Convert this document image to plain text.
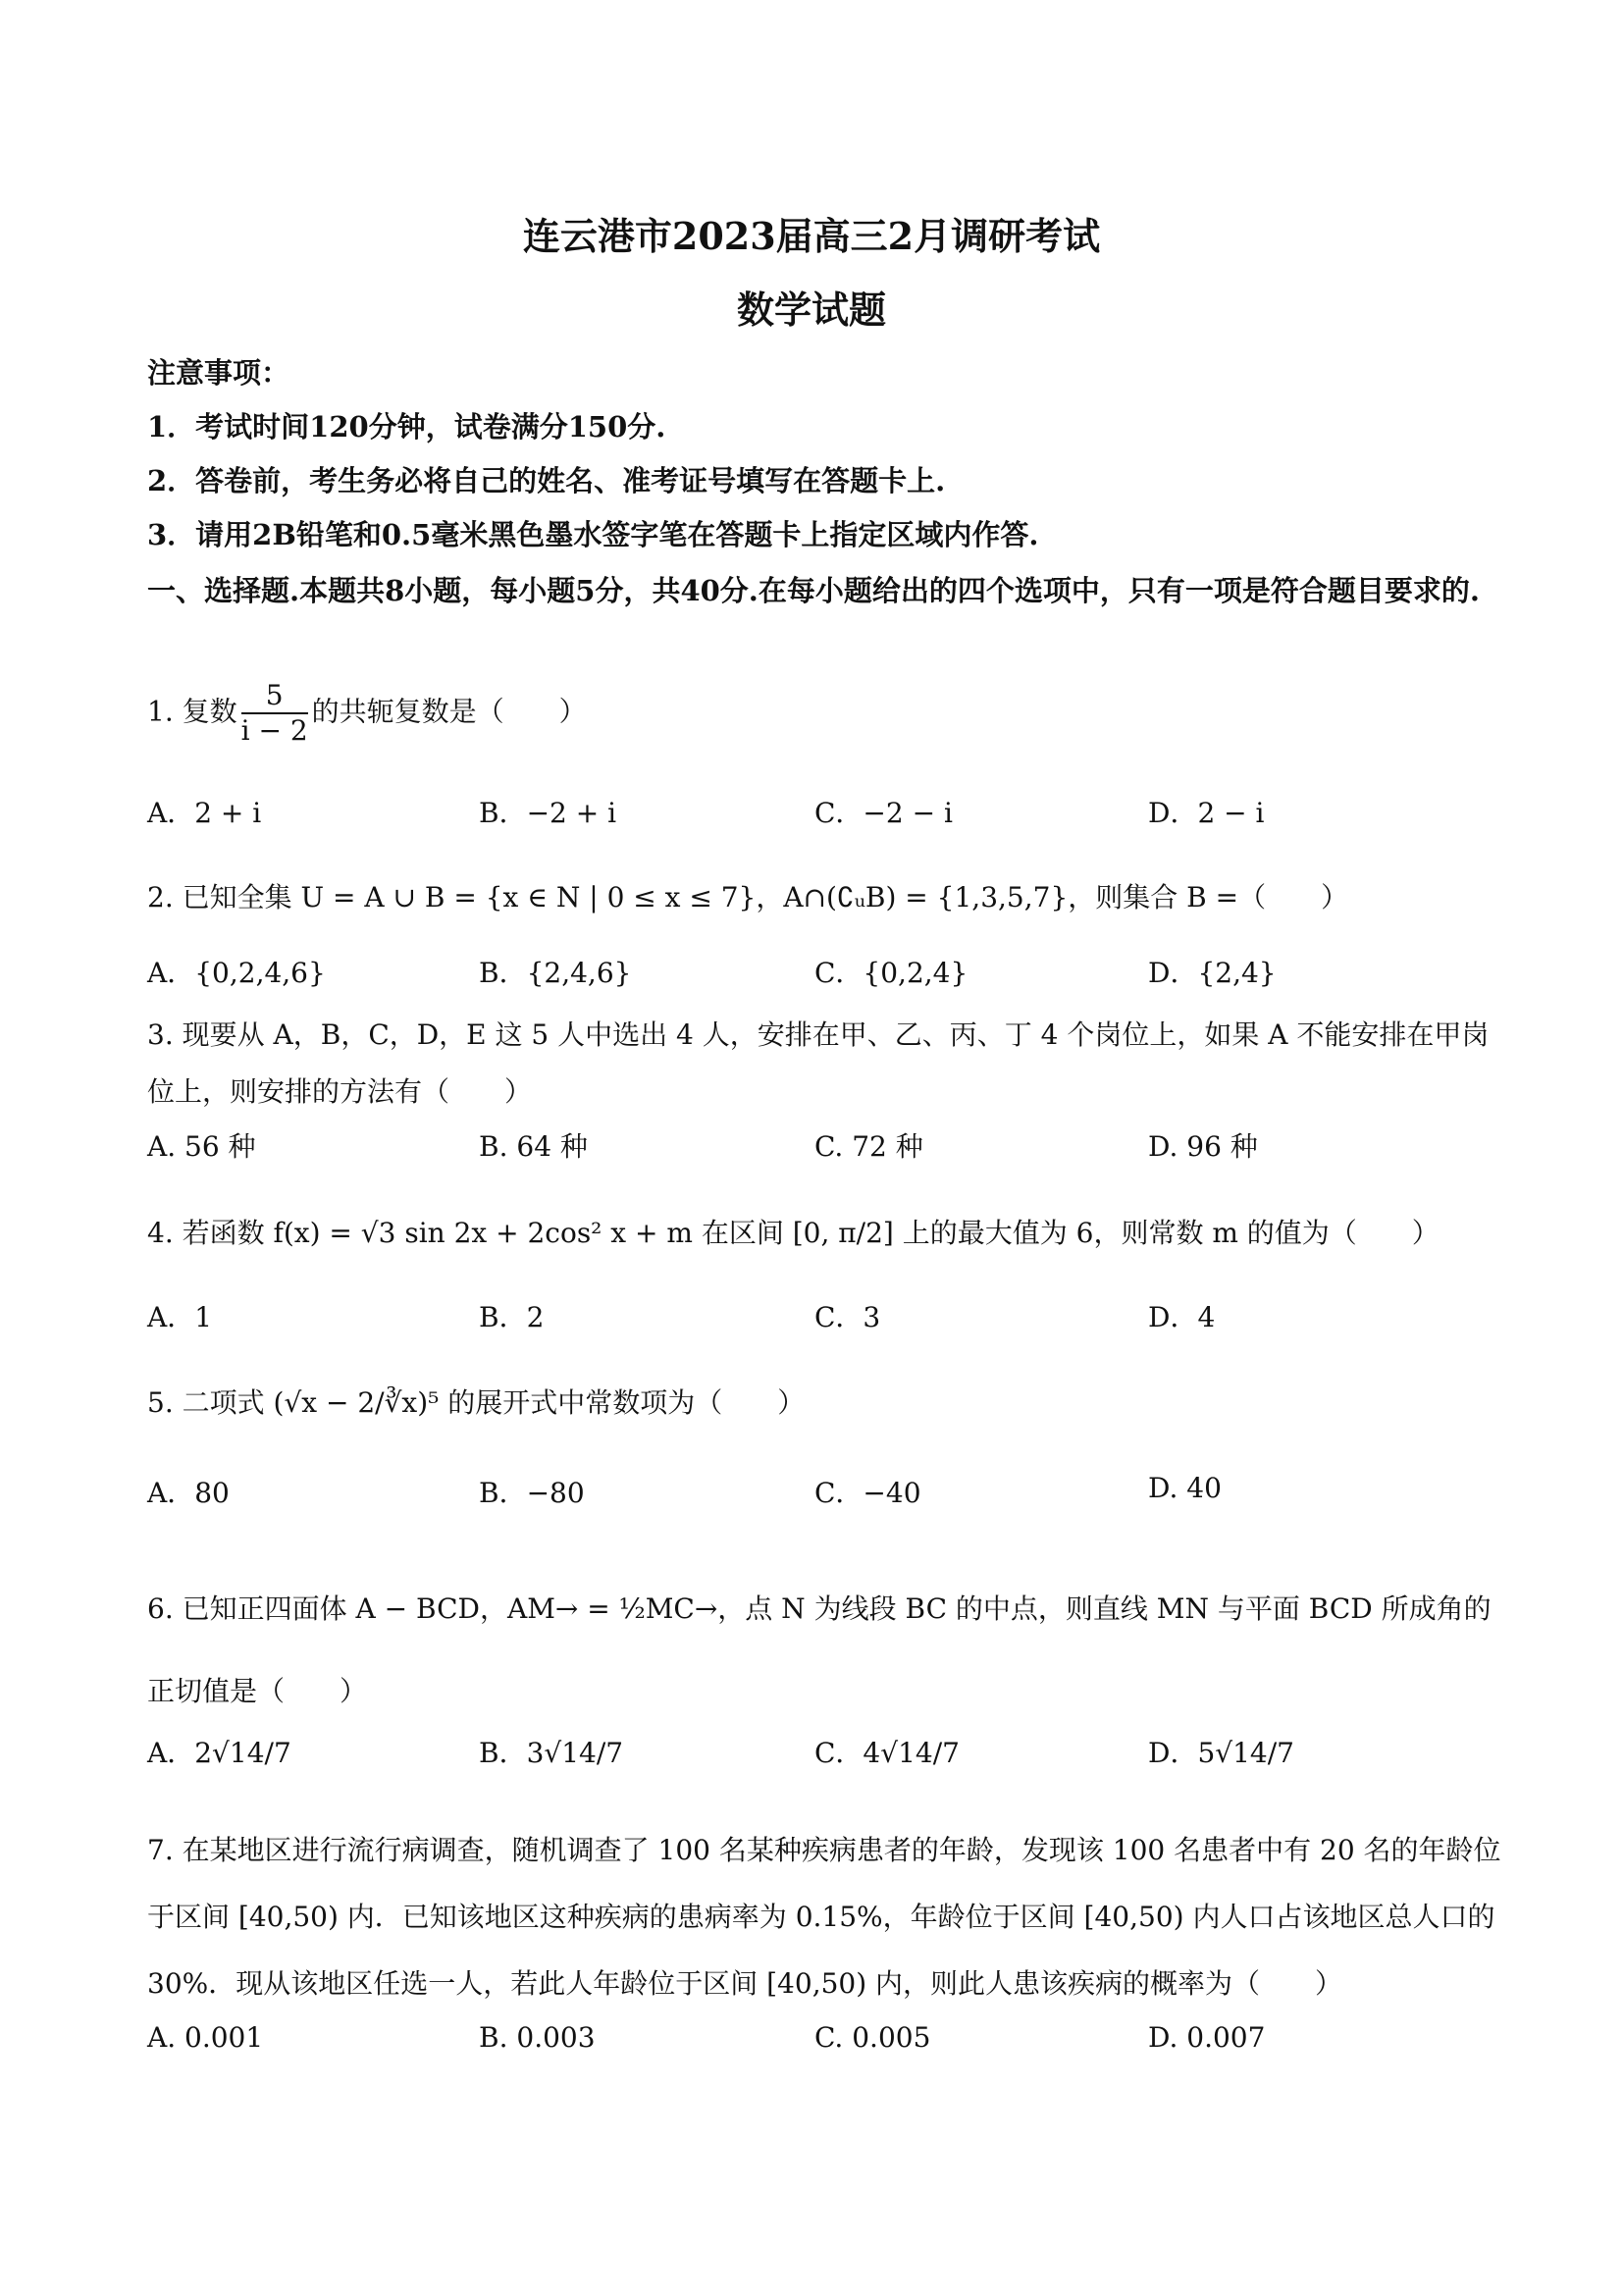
连云港市2023届高三2月调研考试
数学试题
注意事项：
1．考试时间120分钟，试卷满分150分.
2．答卷前，考生务必将自己的姓名、准考证号填写在答题卡上.
3．请用2B铅笔和0.5毫米黑色墨水签字笔在答题卡上指定区域内作答.
一、选择题.本题共8小题，每小题5分，共40分.在每小题给出的四个选项中，只有一项是符合题目要求的.
1. 复数 $\frac{5}{i - 2}$ 的共轭复数是（　　）
A．2 + i	B．−2 + i	C．−2 − i	D．2 − i
2. 已知全集 U = A ∪ B = {x ∈ N | 0 ≤ x ≤ 7}，A∩(∁ᵤB) = {1,3,5,7}，则集合 B =（　　）
A．{0,2,4,6}	B．{2,4,6}	C．{0,2,4}	D．{2,4}
3. 现要从 A，B，C，D，E 这 5 人中选出 4 人，安排在甲、乙、丙、丁 4 个岗位上，如果 A 不能安排在甲岗位上，则安排的方法有（　　）
A. 56 种	B. 64 种	C. 72 种	D. 96 种
4. 若函数 f(x) = √3 sin 2x + 2cos² x + m 在区间 [0, π/2] 上的最大值为 6，则常数 m 的值为（　　）
A．1	B．2	C．3	D．4
5. 二项式 (√x − 2/∛x)⁵ 的展开式中常数项为（　　）
A．80	B．−80	C．−40	D. 40
6. 已知正四面体 A − BCD，AM→ = ½MC→，点 N 为线段 BC 的中点，则直线 MN 与平面 BCD 所成角的正切值是（　　）
A．2√14/7	B．3√14/7	C．4√14/7	D．5√14/7
7. 在某地区进行流行病调查，随机调查了 100 名某种疾病患者的年龄，发现该 100 名患者中有 20 名的年龄位于区间 [40,50) 内．已知该地区这种疾病的患病率为 0.15%，年龄位于区间 [40,50) 内人口占该地区总人口的 30%．现从该地区任选一人，若此人年龄位于区间 [40,50) 内，则此人患该疾病的概率为（　　）
A. 0.001	B. 0.003	C. 0.005	D. 0.007
